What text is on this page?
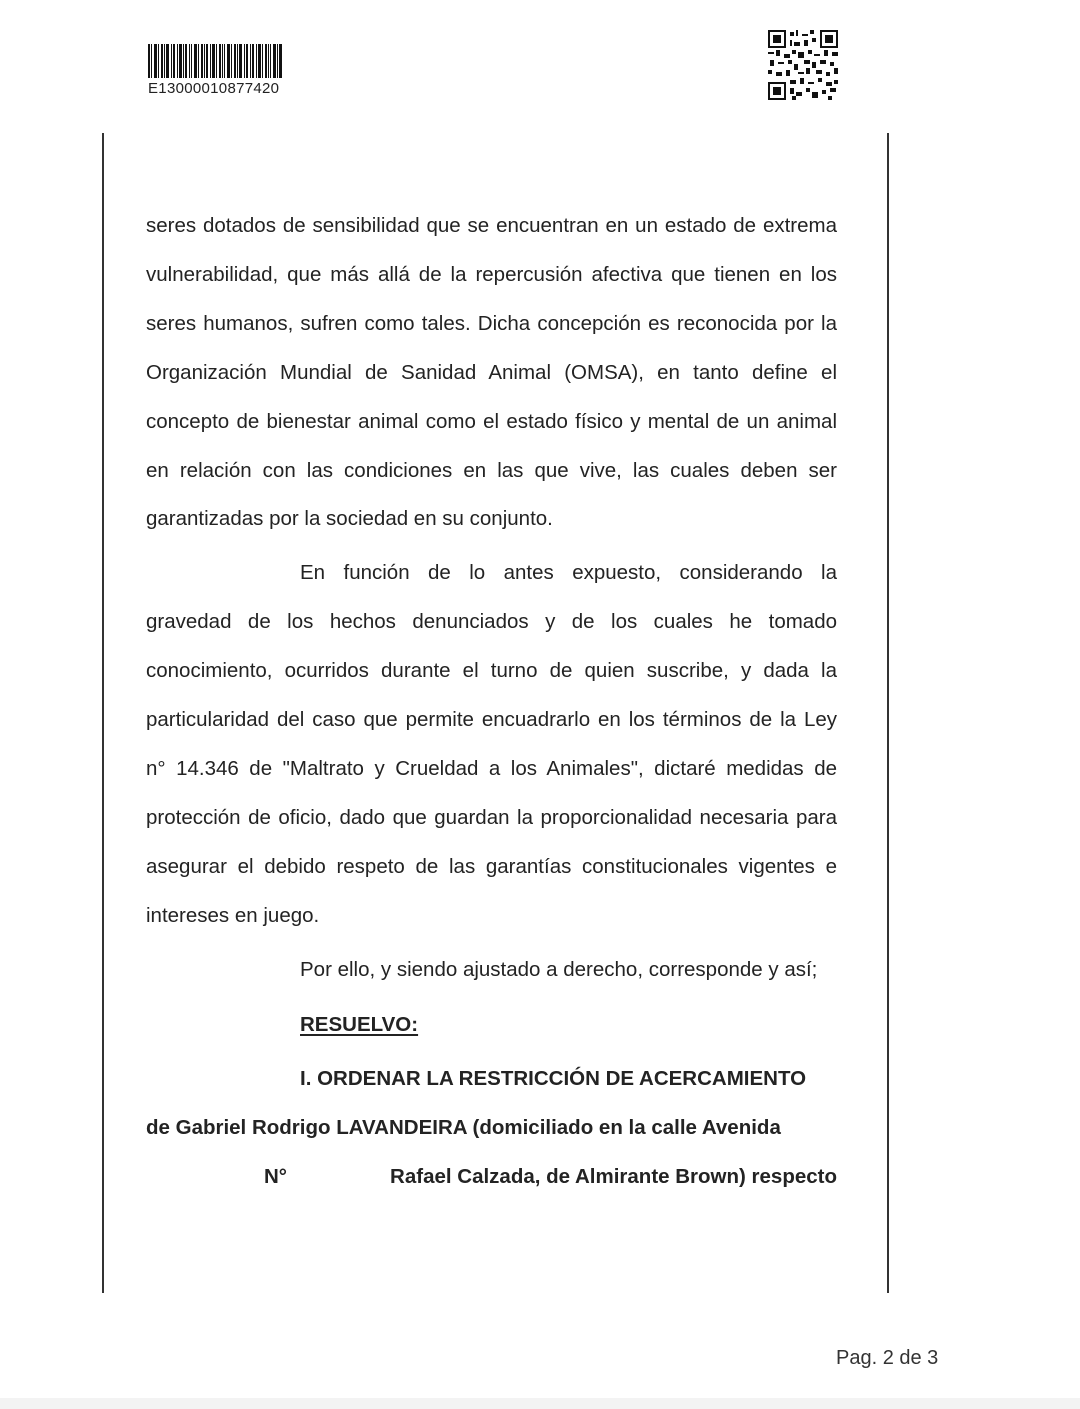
E13000010877420

seres dotados de sensibilidad que se encuentran en un estado de extrema vulnerabilidad, que más allá de la repercusión afectiva que tienen en los seres humanos, sufren como tales. Dicha concepción es reconocida por la Organización Mundial de Sanidad Animal (OMSA), en tanto define el concepto de bienestar animal como el estado físico y mental de un animal en relación con las condiciones en las que vive, las cuales deben ser garantizadas por la sociedad en su conjunto.

En función de lo antes expuesto, considerando la gravedad de los hechos denunciados y de los cuales he tomado conocimiento, ocurridos durante el turno de quien suscribe, y dada la particularidad del caso que permite encuadrarlo en los términos de la Ley n° 14.346 de "Maltrato y Crueldad a los Animales", dictaré medidas de protección de oficio, dado que guardan la proporcionalidad necesaria para asegurar el debido respeto de las garantías constitucionales vigentes e intereses en juego.

Por ello, y siendo ajustado a derecho, corresponde y así;

RESUELVO:
I. ORDENAR LA RESTRICCIÓN DE ACERCAMIENTO
de Gabriel Rodrigo LAVANDEIRA (domiciliado en la calle Avenida
N°	Rafael Calzada, de Almirante Brown) respecto
Pag. 2 de 3
